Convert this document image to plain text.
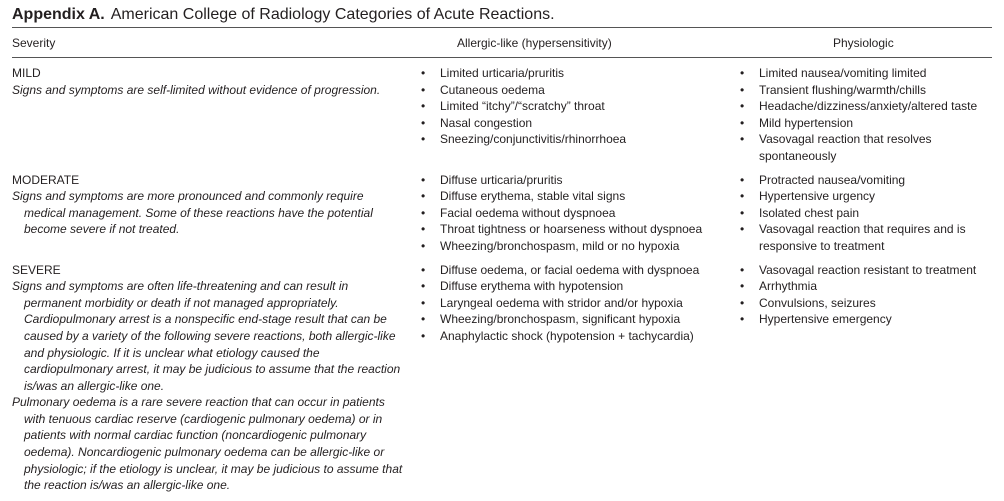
Appendix A. American College of Radiology Categories of Acute Reactions.
Severity	Allergic-like (hypersensitivity)	Physiologic
MILD

Signs and symptoms are self-limited without evidence of progression.

• Limited urticaria/pruritis
• Cutaneous oedema
• Limited “itchy”/“scratchy” throat
• Nasal congestion
• Sneezing/conjunctivitis/rhinorrhoea
• Limited nausea/vomiting limited
• Transient flushing/warmth/chills
• Headache/dizziness/anxiety/altered taste
• Mild hypertension
• Vasovagal reaction that resolves spontaneously
MODERATE

Signs and symptoms are more pronounced and commonly require medical management. Some of these reactions have the potential become severe if not treated.

• Diffuse urticaria/pruritis
• Diffuse erythema, stable vital signs
• Facial oedema without dyspnoea
• Throat tightness or hoarseness without dyspnoea
• Wheezing/bronchospasm, mild or no hypoxia
• Protracted nausea/vomiting
• Hypertensive urgency
• Isolated chest pain
• Vasovagal reaction that requires and is responsive to treatment
SEVERE

Signs and symptoms are often life-threatening and can result in permanent morbidity or death if not managed appropriately. Cardiopulmonary arrest is a nonspecific end-stage result that can be caused by a variety of the following severe reactions, both allergic-like and physiologic. If it is unclear what etiology caused the cardiopulmonary arrest, it may be judicious to assume that the reaction is/was an allergic-like one.

Pulmonary oedema is a rare severe reaction that can occur in patients with tenuous cardiac reserve (cardiogenic pulmonary oedema) or in patients with normal cardiac function (noncardiogenic pulmonary oedema). Noncardiogenic pulmonary oedema can be allergic-like or physiologic; if the etiology is unclear, it may be judicious to assume that the reaction is/was an allergic-like one.

• Diffuse oedema, or facial oedema with dyspnoea
• Diffuse erythema with hypotension
• Laryngeal oedema with stridor and/or hypoxia
• Wheezing/bronchospasm, significant hypoxia
• Anaphylactic shock (hypotension + tachycardia)
• Vasovagal reaction resistant to treatment
• Arrhythmia
• Convulsions, seizures
• Hypertensive emergency
